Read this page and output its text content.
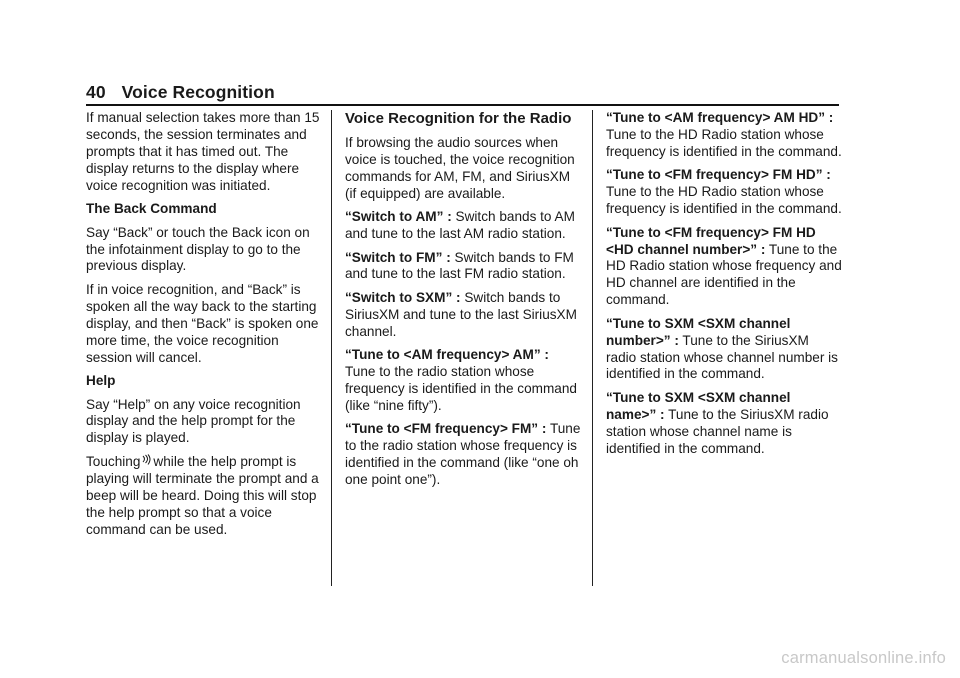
40 Voice Recognition

If manual selection takes more than 15 seconds, the session terminates and prompts that it has timed out. The display returns to the display where voice recognition was initiated.

The Back Command

Say “Back” or touch the Back icon on the infotainment display to go to the previous display.

If in voice recognition, and “Back” is spoken all the way back to the starting display, and then “Back” is spoken one more time, the voice recognition session will cancel.

Help

Say “Help” on any voice recognition display and the help prompt for the display is played.

Touching while the help prompt is playing will terminate the prompt and a beep will be heard. Doing this will stop the help prompt so that a voice command can be used.

Voice Recognition for the Radio

If browsing the audio sources when voice is touched, the voice recognition commands for AM, FM, and SiriusXM (if equipped) are available.

“Switch to AM” : Switch bands to AM and tune to the last AM radio station.

“Switch to FM” : Switch bands to FM and tune to the last FM radio station.

“Switch to SXM” : Switch bands to SiriusXM and tune to the last SiriusXM channel.

“Tune to <AM frequency> AM” : Tune to the radio station whose frequency is identified in the command (like “nine fifty”).

“Tune to <FM frequency> FM” : Tune to the radio station whose frequency is identified in the command (like “one oh one point one”).

“Tune to <AM frequency> AM HD” : Tune to the HD Radio station whose frequency is identified in the command.

“Tune to <FM frequency> FM HD” : Tune to the HD Radio station whose frequency is identified in the command.

“Tune to <FM frequency> FM HD <HD channel number>” : Tune to the HD Radio station whose frequency and HD channel are identified in the command.

“Tune to SXM <SXM channel number>” : Tune to the SiriusXM radio station whose channel number is identified in the command.

“Tune to SXM <SXM channel name>” : Tune to the SiriusXM radio station whose channel name is identified in the command.

carmanualsonline.info
